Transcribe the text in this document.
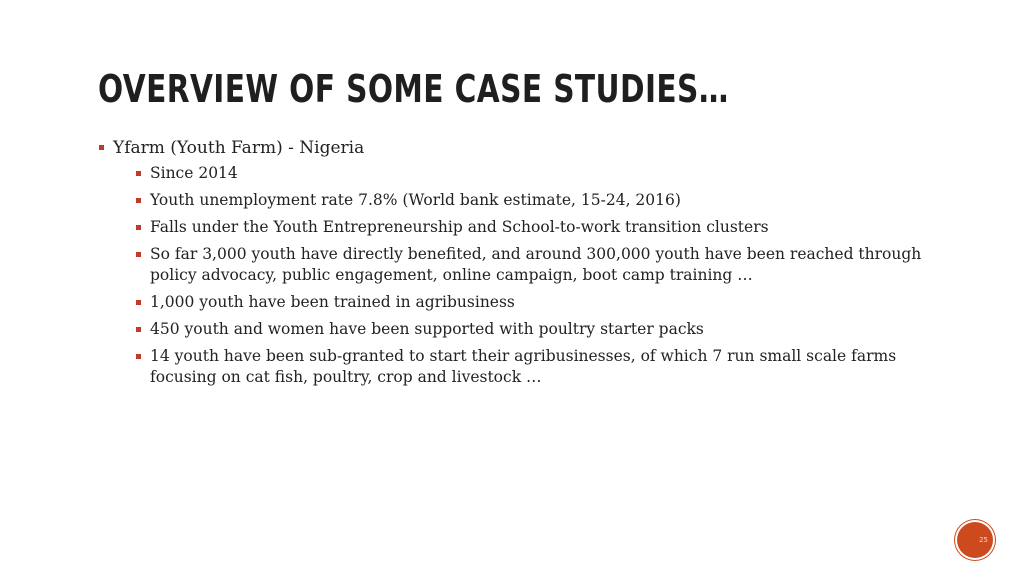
OVERVIEW OF SOME CASE STUDIES…
Yfarm (Youth Farm) - Nigeria
Since 2014
Youth unemployment rate 7.8% (World bank estimate, 15-24, 2016)
Falls under the Youth Entrepreneurship and School-to-work transition clusters
So far 3,000 youth have directly benefited, and around 300,000 youth have been reached through policy advocacy, public engagement, online campaign, boot camp training …
1,000 youth have been trained in agribusiness
450 youth and women have been supported with poultry starter packs
14 youth have been sub-granted to start their agribusinesses, of which 7 run small scale farms focusing on cat fish, poultry, crop and livestock …
25
